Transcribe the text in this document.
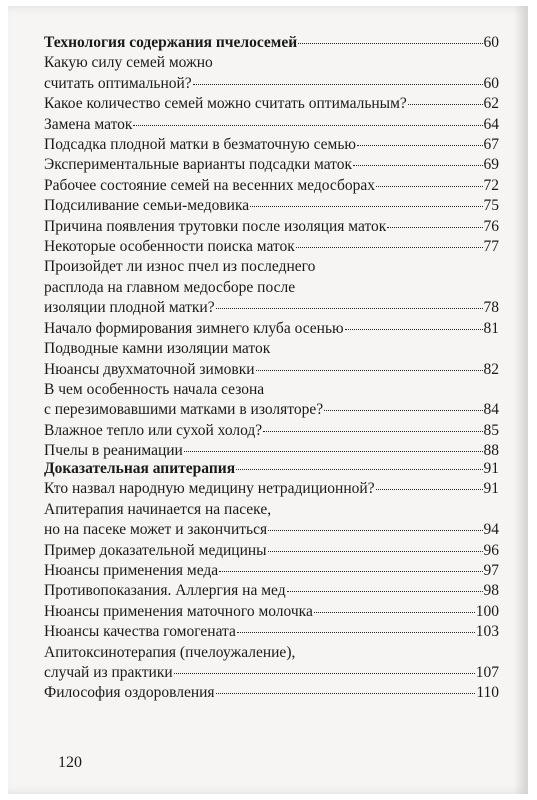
Технология содержания пчелосемей	60
Какую силу семей можно
считать оптимальной?	60
Какое количество семей можно считать оптимальным?	62
Замена маток	64
Подсадка плодной матки в безматочную семью	67
Экспериментальные варианты подсадки маток	69
Рабочее состояние семей на весенних медосборах	72
Подсиливание семьи-медовика	75
Причина появления трутовки после изоляция маток	76
Некоторые особенности поиска маток	77
Произойдет ли износ пчел из последнего
расплода на главном медосборе после
изоляции плодной матки?	78
Начало формирования зимнего клуба осенью	81
Подводные камни изоляции маток
Нюансы двухматочной зимовки	82
В чем особенность начала сезона
с перезимовавшими матками в изоляторе?	84
Влажное тепло или сухой холод?	85
Пчелы в реанимации	88
Доказательная апитерапия	91
Кто назвал народную медицину нетрадиционной?	91
Апитерапия начинается на пасеке,
но на пасеке может и закончиться	94
Пример доказательной медицины	96
Нюансы применения меда	97
Противопоказания. Аллергия на мед	98
Нюансы применения маточного молочка	100
Нюансы качества гомогената	103
Апитоксинотерапия (пчелоужаление),
случай из практики	107
Философия оздоровления	110
120
